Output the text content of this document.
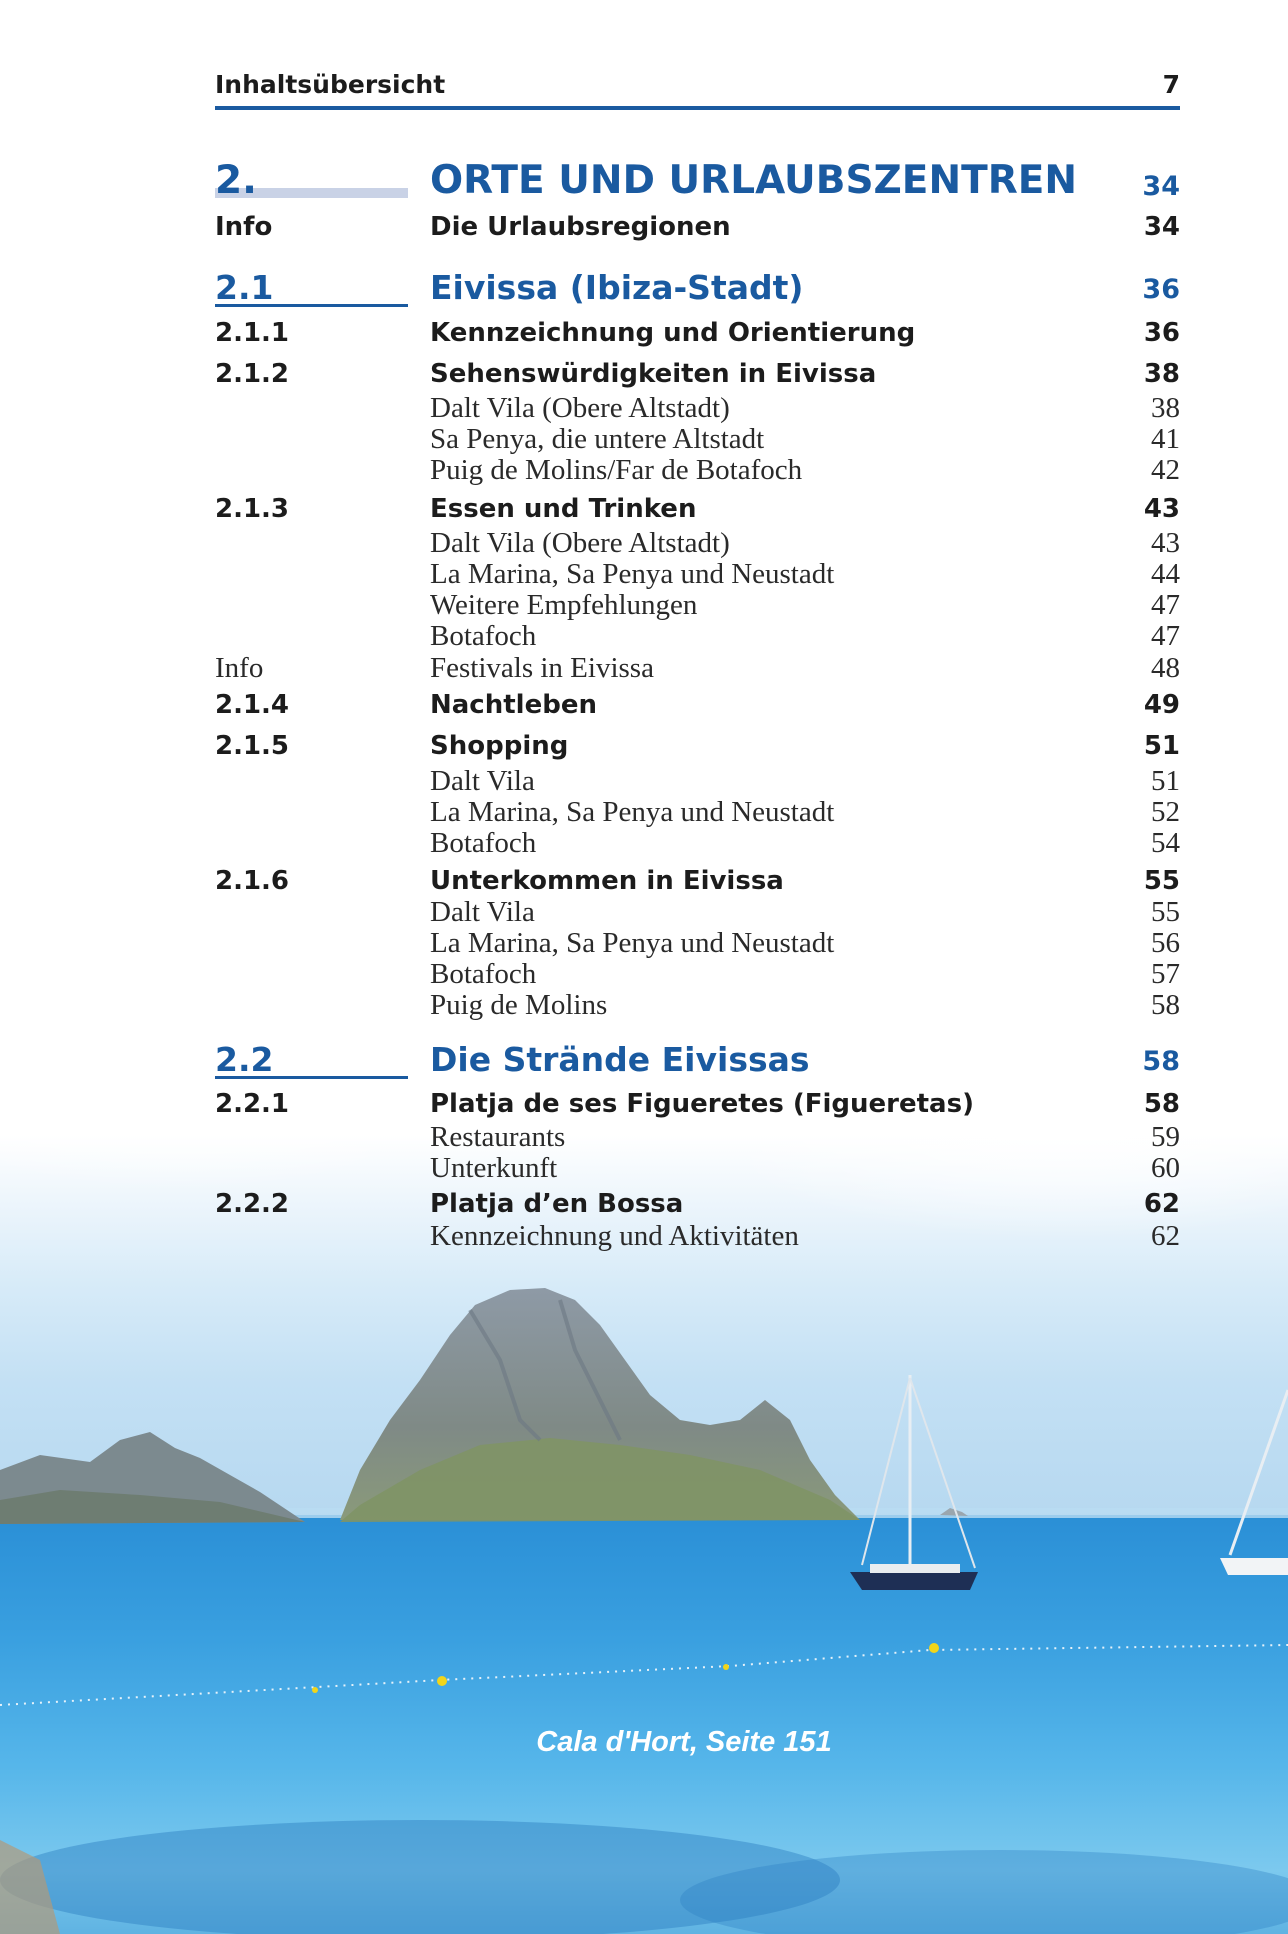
Inhaltsübersicht	7
2.	ORTE UND URLAUBSZENTREN 34
Info	Die Urlaubsregionen	34
2.1	Eivissa (Ibiza-Stadt)	36
2.1.1	Kennzeichnung und Orientierung	36
2.1.2	Sehenswürdigkeiten in Eivissa	38
Dalt Vila (Obere Altstadt)	38
Sa Penya, die untere Altstadt	41
Puig de Molins/Far de Botafoch	42
2.1.3	Essen und Trinken	43
Dalt Vila (Obere Altstadt)	43
La Marina, Sa Penya und Neustadt	44
Weitere Empfehlungen	47
Botafoch	47
Info	Festivals in Eivissa	48
2.1.4	Nachtleben	49
2.1.5	Shopping	51
Dalt Vila	51
La Marina, Sa Penya und Neustadt	52
Botafoch	54
2.1.6	Unterkommen in Eivissa	55
Dalt Vila	55
La Marina, Sa Penya und Neustadt	56
Botafoch	57
Puig de Molins	58
2.2	Die Strände Eivissas	58
2.2.1	Platja de ses Figueretes (Figueretas)	58
Restaurants	59
Unterkunft	60
2.2.2	Platja d’en Bossa	62
Kennzeichnung und Aktivitäten	62
Cala d'Hort, Seite 151
